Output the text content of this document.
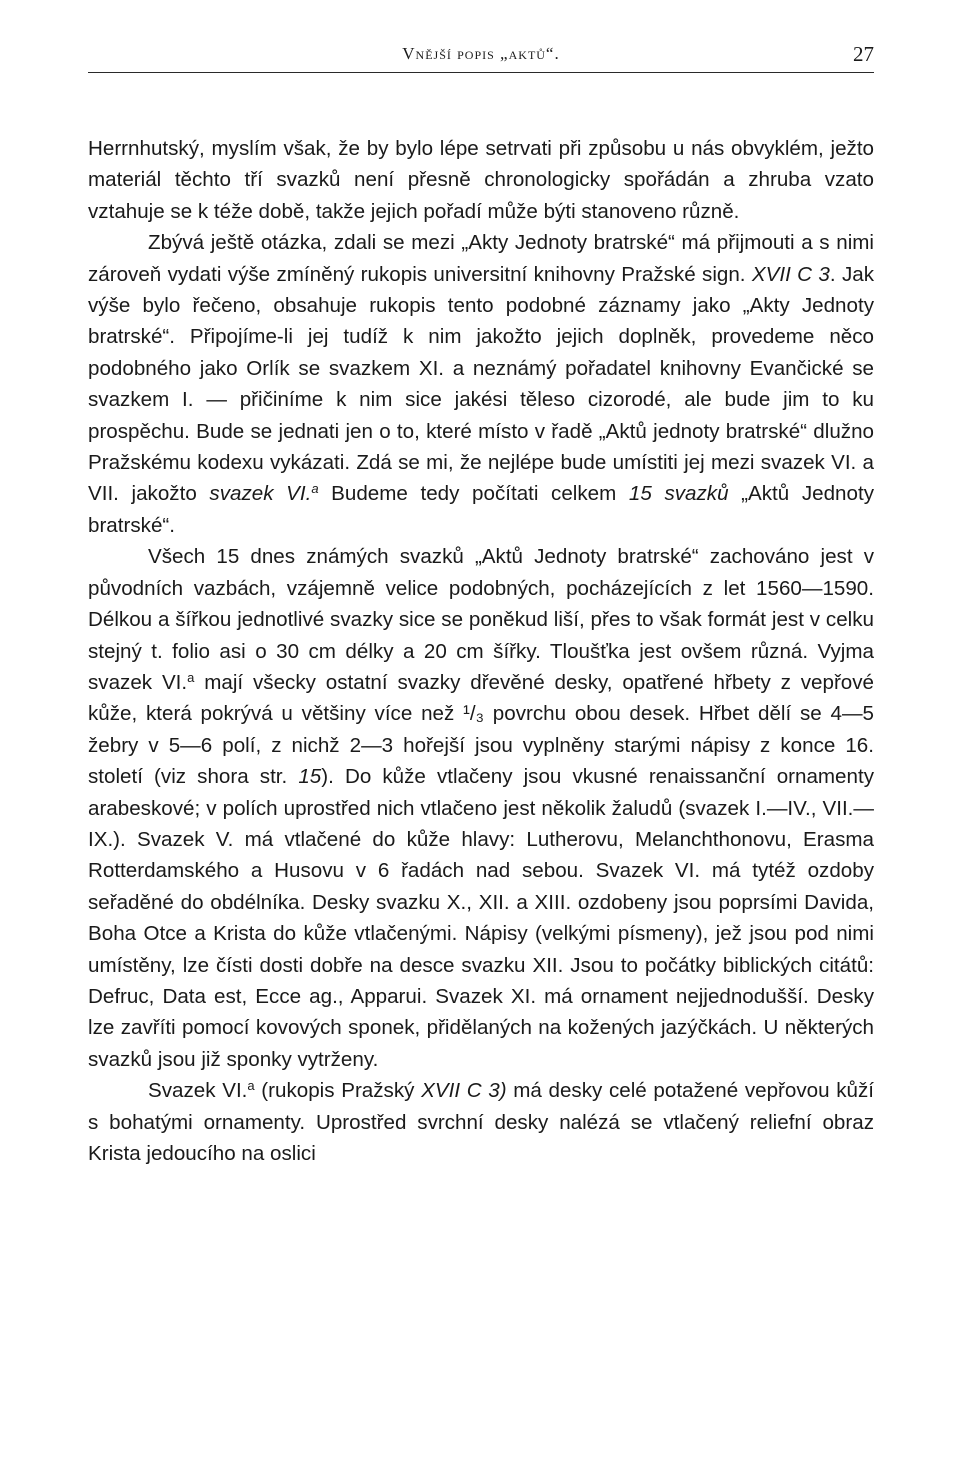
Vnější popis „aktů“.	27

Herrnhutský, myslím však, že by bylo lépe setrvati při způsobu u nás obvyklém, ježto materiál těchto tří svazků není přesně chronologicky spořádán a zhruba vzato vztahuje se k téže době, takže jejich pořadí může býti stanoveno různě.

Zbývá ještě otázka, zdali se mezi „Akty Jednoty bratrské“ má přijmouti a s nimi zároveň vydati výše zmíněný rukopis universitní knihovny Pražské sign. XVII C 3. Jak výše bylo řečeno, obsahuje rukopis tento podobné záznamy jako „Akty Jednoty bratrské“. Připojíme-li jej tudíž k nim jakožto jejich doplněk, provedeme něco podobného jako Orlík se svazkem XI. a neznámý pořadatel knihovny Evančické se svazkem I. — přičiníme k nim sice jakési těleso cizorodé, ale bude jim to ku prospěchu. Bude se jednati jen o to, které místo v řadě „Aktů jednoty bratrské“ dlužno Pražskému kodexu vykázati. Zdá se mi, že nejlépe bude umístiti jej mezi svazek VI. a VII. jakožto svazek VI.$^a$ Budeme tedy počítati celkem 15 svazků „Aktů Jednoty bratrské“.

Všech 15 dnes známých svazků „Aktů Jednoty bratrské“ zachováno jest v původních vazbách, vzájemně velice podobných, pocházejících z let 1560—1590. Délkou a šířkou jednotlivé svazky sice se poněkud liší, přes to však formát jest v celku stejný t. folio asi o 30 cm délky a 20 cm šířky. Tloušťka jest ovšem různá. Vyjma svazek VI.$^a$ mají všecky ostatní svazky dřevěné desky, opatřené hřbety z vepřové kůže, která pokrývá u většiny více než ¹/₃ povrchu obou desek. Hřbet dělí se 4—5 žebry v 5—6 polí, z nichž 2—3 hořejší jsou vyplněny starými nápisy z konce 16. století (viz shora str. 15). Do kůže vtlačeny jsou vkusné renaissanční ornamenty arabeskové; v polích uprostřed nich vtlačeno jest několik žaludů (svazek I.—IV., VII.—IX.). Svazek V. má vtlačené do kůže hlavy: Lutherovu, Melanchthonovu, Erasma Rotterdamského a Husovu v 6 řadách nad sebou. Svazek VI. má tytéž ozdoby seřaděné do obdélníka. Desky svazku X., XII. a XIII. ozdobeny jsou poprsími Davida, Boha Otce a Krista do kůže vtlačenými. Nápisy (velkými písmeny), jež jsou pod nimi umístěny, lze čísti dosti dobře na desce svazku XII. Jsou to počátky biblických citátů: Defruc, Data est, Ecce ag., Apparui. Svazek XI. má ornament nejjednodušší. Desky lze zavříti pomocí kovových sponek, přidělaných na kožených jazýčkách. U některých svazků jsou již sponky vytrženy.

Svazek VI.$^a$ (rukopis Pražský XVII C 3) má desky celé potažené vepřovou kůží s bohatými ornamenty. Uprostřed svrchní desky nalézá se vtlačený reliefní obraz Krista jedoucího na oslici
